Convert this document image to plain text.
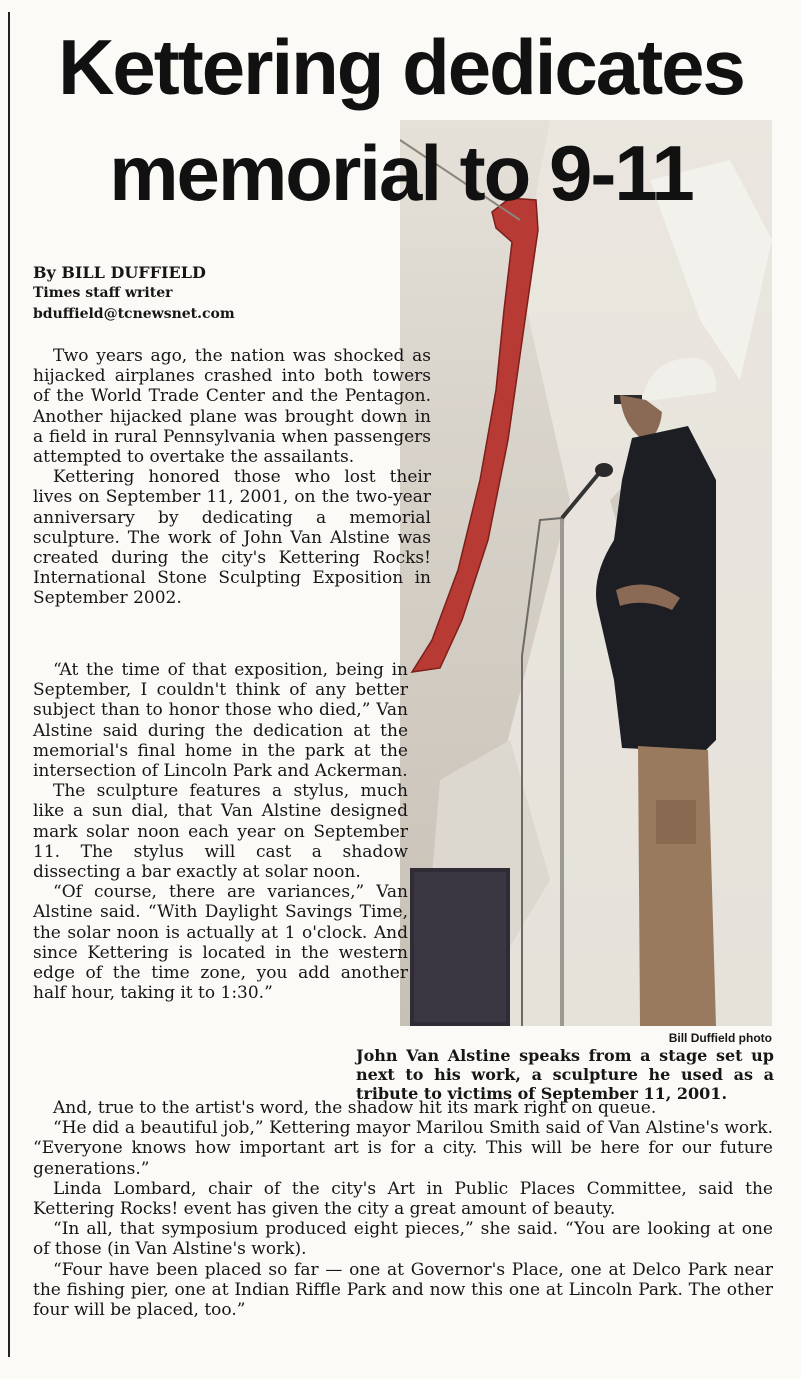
Kettering dedicates memorial to 9-11
By BILL DUFFIELD
Times staff writer
bduffield@tcnewsnet.com

Two years ago, the nation was shocked as hijacked airplanes crashed into both towers of the World Trade Center and the Pentagon. Another hijacked plane was brought down in a field in rural Pennsylvania when passengers attempted to overtake the assailants.

Kettering honored those who lost their lives on September 11, 2001, on the two-year anniversary by dedicating a memorial sculpture. The work of John Van Alstine was created during the city's Kettering Rocks! International Stone Sculpting Exposition in September 2002.

“At the time of that exposition, being in September, I couldn't think of any better subject than to honor those who died,” Van Alstine said during the dedication at the memorial's final home in the park at the intersection of Lincoln Park and Ackerman.

The sculpture features a stylus, much like a sun dial, that Van Alstine designed mark solar noon each year on September 11. The stylus will cast a shadow dissecting a bar exactly at solar noon.

“Of course, there are variances,” Van Alstine said. “With Daylight Savings Time, the solar noon is actually at 1 o'clock. And since Kettering is located in the western edge of the time zone, you add another half hour, taking it to 1:30.”

Bill Duffield photo

John Van Alstine speaks from a stage set up next to his work, a sculpture he used as a tribute to victims of September 11, 2001.

And, true to the artist's word, the shadow hit its mark right on queue.

“He did a beautiful job,” Kettering mayor Marilou Smith said of Van Alstine's work. “Everyone knows how important art is for a city. This will be here for our future generations.”

Linda Lombard, chair of the city's Art in Public Places Committee, said the Kettering Rocks! event has given the city a great amount of beauty.

“In all, that symposium produced eight pieces,” she said. “You are looking at one of those (in Van Alstine's work).

“Four have been placed so far — one at Governor's Place, one at Delco Park near the fishing pier, one at Indian Riffle Park and now this one at Lincoln Park. The other four will be placed, too.”
